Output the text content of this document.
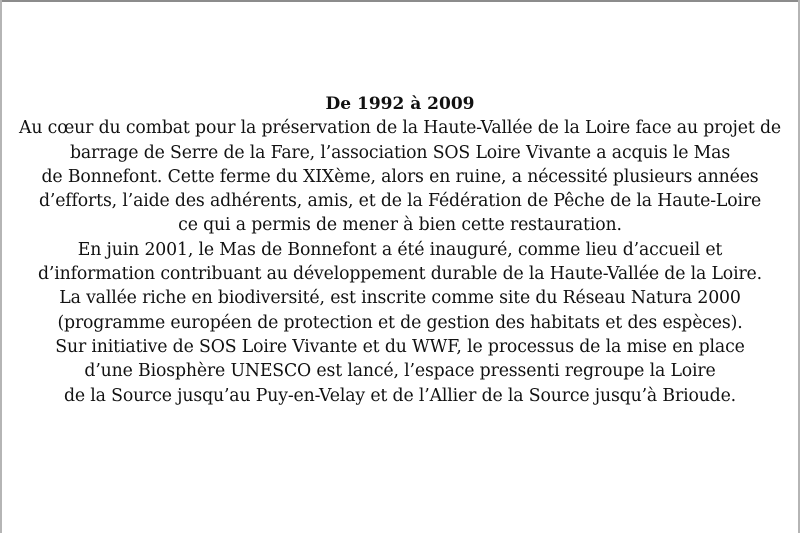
De 1992 à 2009
Au cœur du combat pour la préservation de la Haute-Vallée de la Loire face au projet de
barrage de Serre de la Fare, l’association SOS Loire Vivante a acquis le Mas
de Bonnefont. Cette ferme du XIXème, alors en ruine, a nécessité plusieurs années
d’efforts, l’aide des adhérents, amis, et de la Fédération de Pêche de la Haute-Loire
ce qui a permis de mener à bien cette restauration.
En juin 2001, le Mas de Bonnefont a été inauguré, comme lieu d’accueil et
d’information contribuant au développement durable de la Haute-Vallée de la Loire.
La vallée riche en biodiversité, est inscrite comme site du Réseau Natura 2000
(programme européen de protection et de gestion des habitats et des espèces).
Sur initiative de SOS Loire Vivante et du WWF, le processus de la mise en place
d’une Biosphère UNESCO est lancé, l’espace pressenti regroupe la Loire
de la Source jusqu’au Puy-en-Velay et de l’Allier de la Source jusqu’à Brioude.
